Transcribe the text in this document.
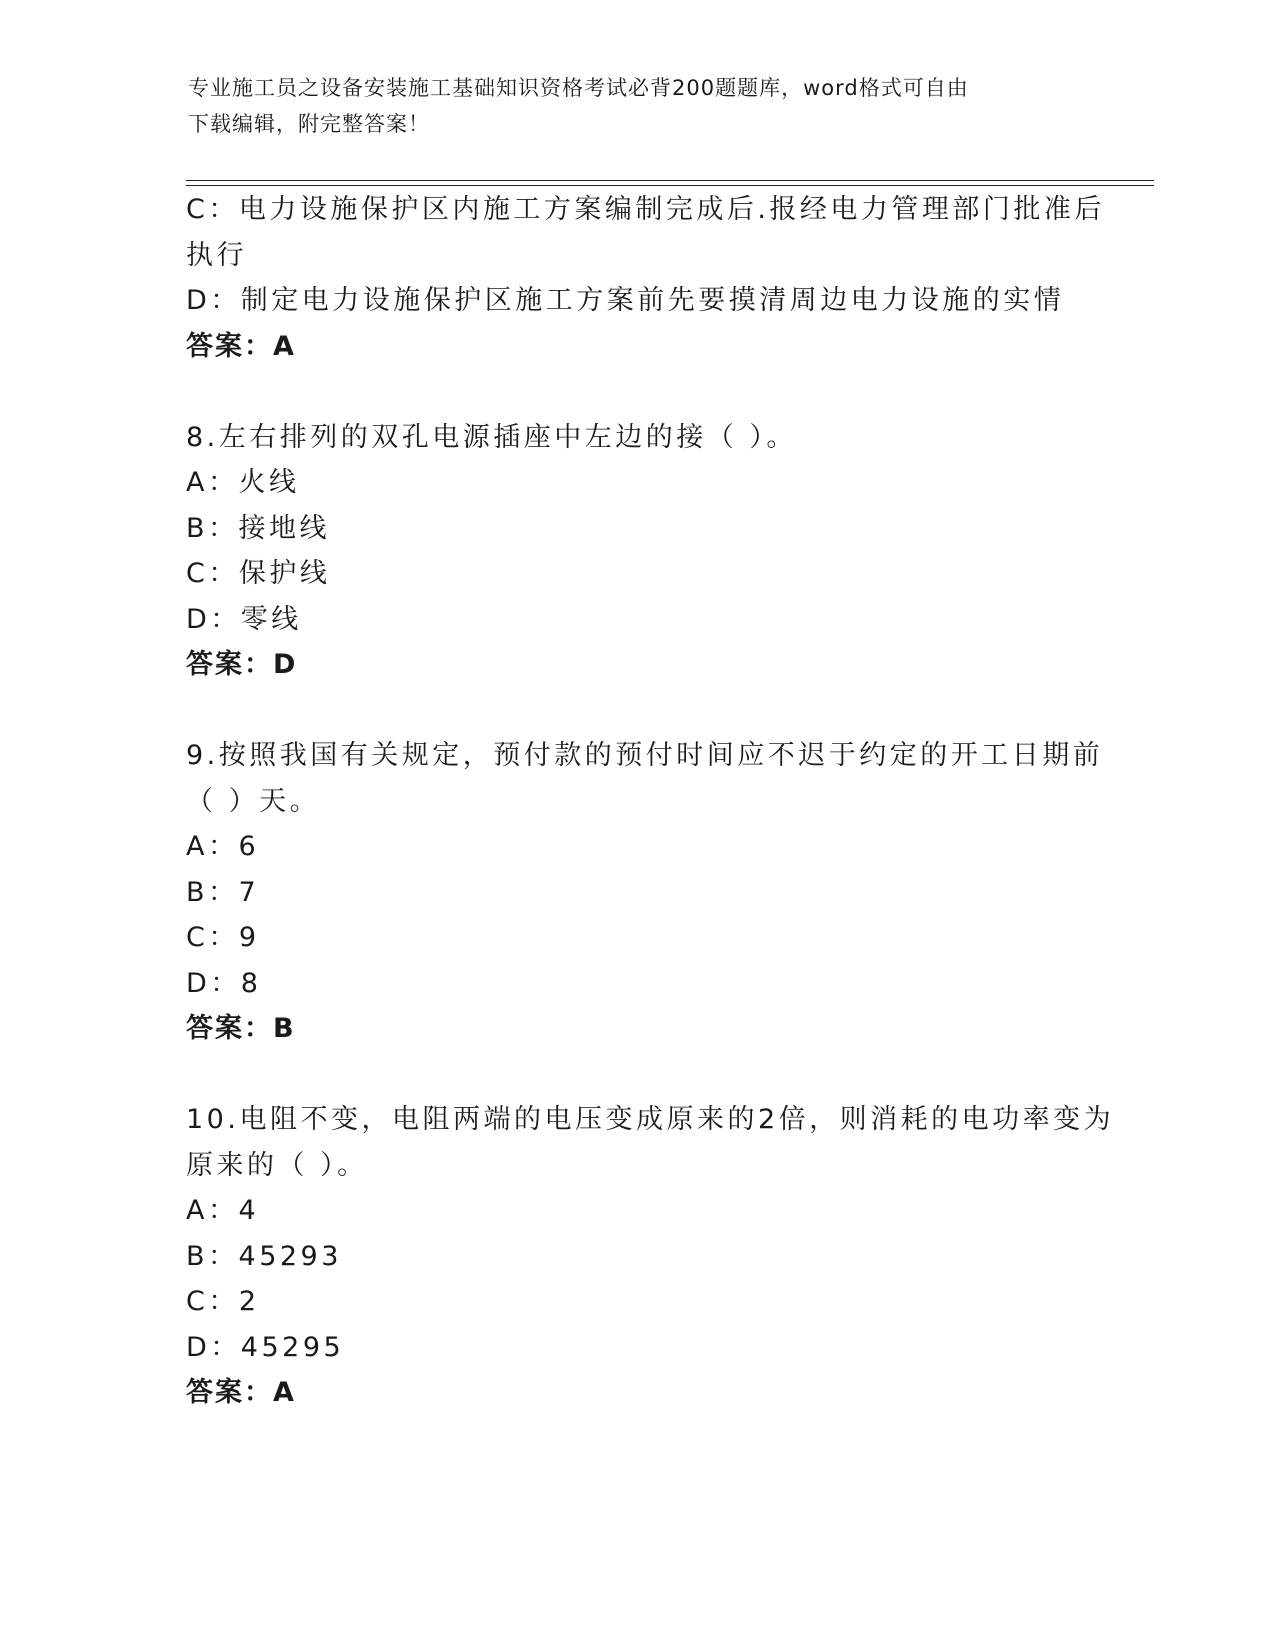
专业施工员之设备安装施工基础知识资格考试必背200题题库，word格式可自由
下载编辑，附完整答案！
C：电力设施保护区内施工方案编制完成后.报经电力管理部门批准后
执行
D：制定电力设施保护区施工方案前先要摸清周边电力设施的实情
答案：A
8.左右排列的双孔电源插座中左边的接（ ）。
A：火线
B：接地线
C：保护线
D：零线
答案：D
9.按照我国有关规定，预付款的预付时间应不迟于约定的开工日期前
（ ）天。
A：6
B：7
C：9
D：8
答案：B
10.电阻不变，电阻两端的电压变成原来的2倍，则消耗的电功率变为
原来的（ ）。
A：4
B：45293
C：2
D：45295
答案：A
